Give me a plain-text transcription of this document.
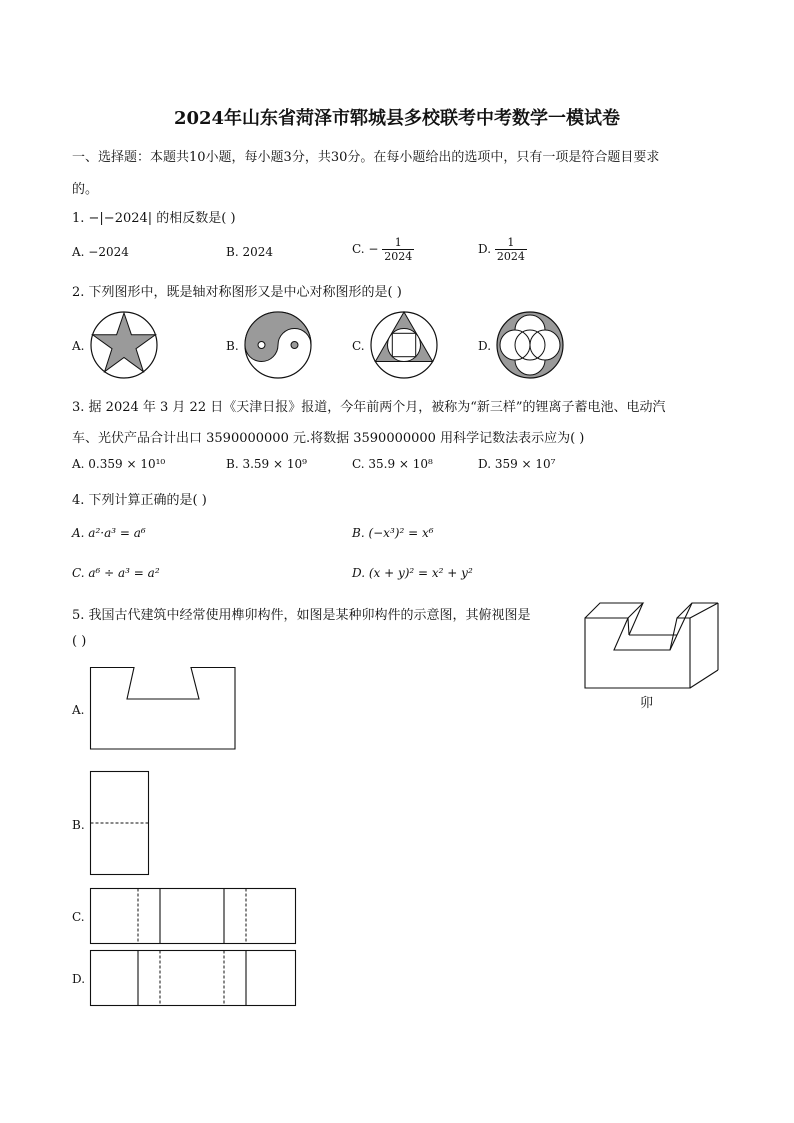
2024年山东省菏泽市郓城县多校联考中考数学一模试卷
一、选择题：本题共10小题，每小题3分，共30分。在每小题给出的选项中，只有一项是符合题目要求
的。
1. −|−2024| 的相反数是( )
A. −2024	B. 2024	C. − $\frac{1}{2024}$	D. $\frac{1}{2024}$
2. 下列图形中，既是轴对称图形又是中心对称图形的是( )
A.	B.	C.	D.
3. 据 2024 年 3 月 22 日《天津日报》报道，今年前两个月，被称为“新三样”的锂离子蓄电池、电动汽
车、光伏产品合计出口 3590000000 元.将数据 3590000000 用科学记数法表示应为( )
A. 0.359 × 10¹⁰	B. 3.59 × 10⁹	C. 35.9 × 10⁸	D. 359 × 10⁷
4. 下列计算正确的是( )
A. a²·a³ = a⁶	B. (−x³)² = x⁶
C. a⁶ ÷ a³ = a²	D. (x + y)² = x² + y²
5. 我国古代建筑中经常使用榫卯构件，如图是某种卯构件的示意图，其俯视图是
( )
卯
A.
B.
C.
D.
